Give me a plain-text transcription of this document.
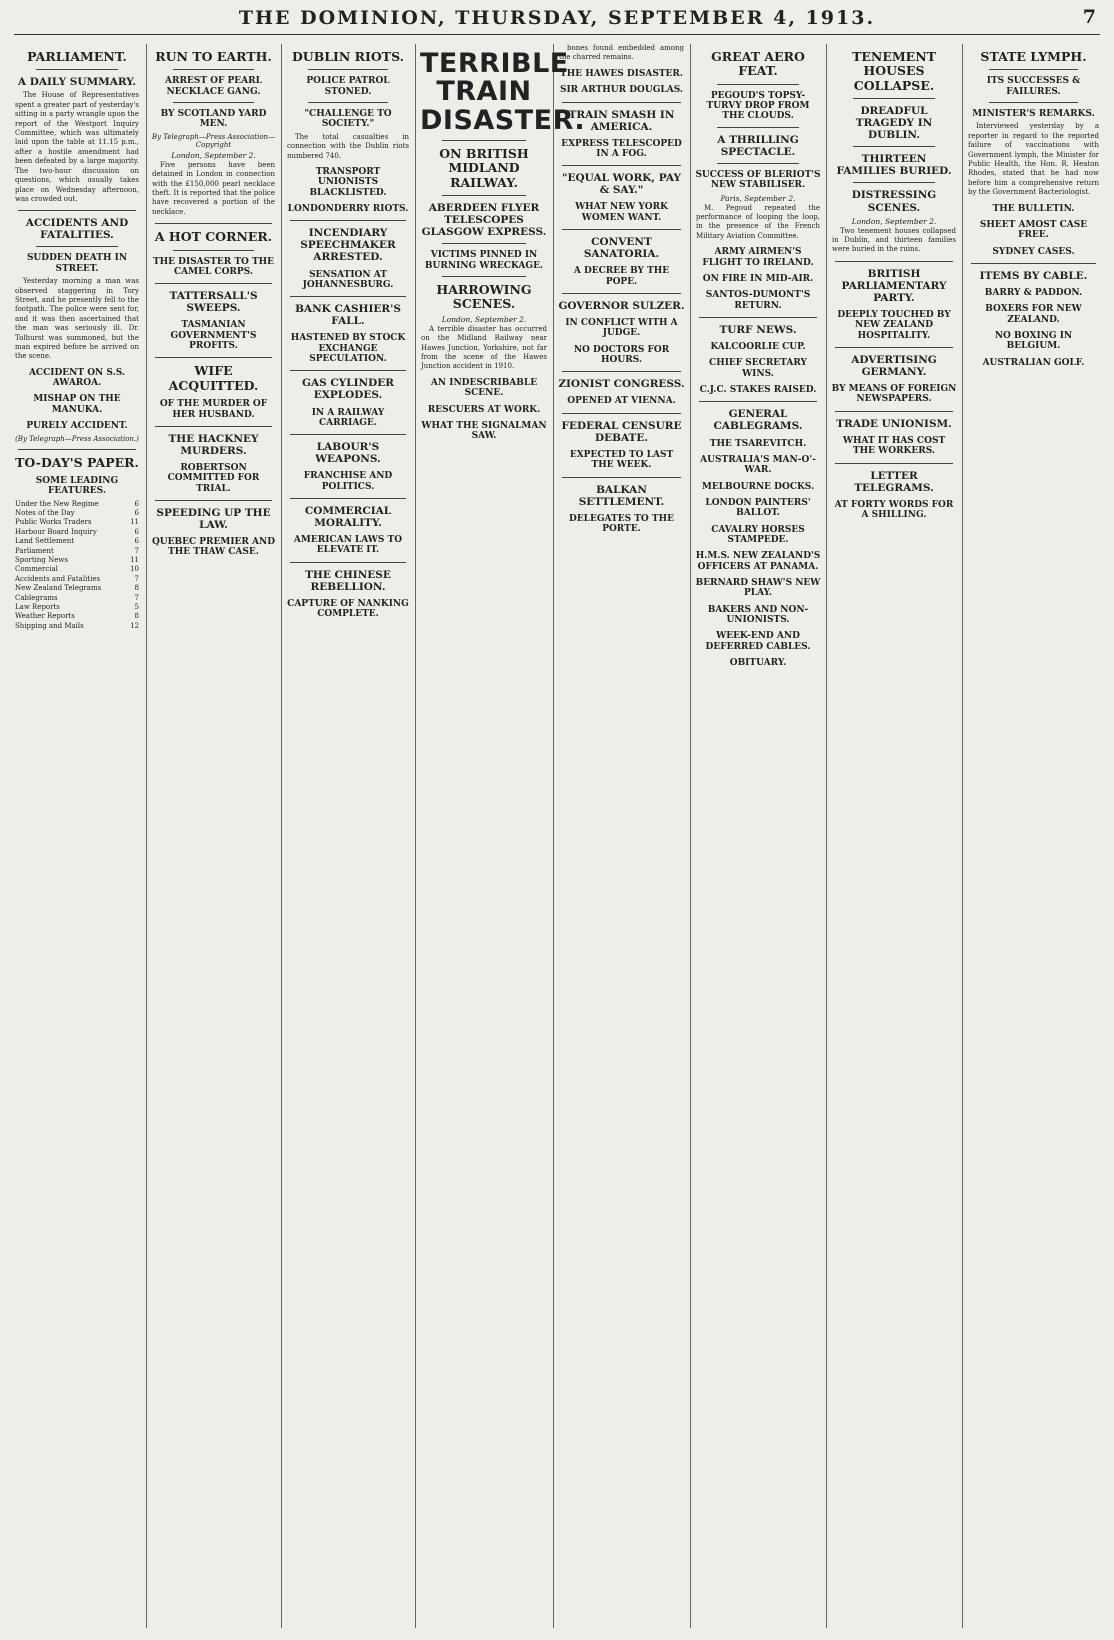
THE DOMINION, THURSDAY, SEPTEMBER 4, 1913.	7
PARLIAMENT.
A DAILY SUMMARY.

The House of Representatives spent a greater part of yesterday's sitting in a party wrangle upon the report of the Westport Inquiry Committee, which was ultimately laid upon the table at 11.15 p.m., after a hostile amendment had been defeated by a large majority. The two-hour discussion on questions, which usually takes place on Wednesday afternoon, was crowded out.

ACCIDENTS AND FATALITIES.
SUDDEN DEATH IN STREET.

Yesterday morning a man was observed staggering in Tory Street, and he presently fell to the footpath. The police were sent for, and it was then ascertained that the man was seriously ill. Dr. Tolhurst was summoned, but the man expired before he arrived on the scene.

ACCIDENT ON S.S. AWAROA.
MISHAP ON THE MANUKA.
PURELY ACCIDENT.
(By Telegraph—Press Association.)
TO-DAY'S PAPER.
SOME LEADING FEATURES.
Under the New Regime	6
Notes of the Day	6
Public Works Traders	11
Harbour Board Inquiry	6
Land Settlement	6
Parliament	7
Sporting News	11
Commercial	10
Accidents and Fatalities	7
New Zealand Telegrams	8
Cablegrams	7
Law Reports	5
Weather Reports	8
Shipping and Mails	12
RUN TO EARTH.
ARREST OF PEARL NECKLACE GANG.
BY SCOTLAND YARD MEN.
By Telegraph—Press Association—Copyright
London, September 2.

Five persons have been detained in London in connection with the £150,000 pearl necklace theft. It is reported that the police have recovered a portion of the necklace.

A HOT CORNER.
THE DISASTER TO THE CAMEL CORPS.
TATTERSALL'S SWEEPS.
TASMANIAN GOVERNMENT'S PROFITS.
WIFE ACQUITTED.
OF THE MURDER OF HER HUSBAND.
THE HACKNEY MURDERS.
ROBERTSON COMMITTED FOR TRIAL.
SPEEDING UP THE LAW.
QUEBEC PREMIER AND THE THAW CASE.
DUBLIN RIOTS.
POLICE PATROL STONED.
"CHALLENGE TO SOCIETY."

The total casualties in connection with the Dublin riots numbered 740.

TRANSPORT UNIONISTS BLACKLISTED.
LONDONDERRY RIOTS.
INCENDIARY SPEECHMAKER ARRESTED.
SENSATION AT JOHANNESBURG.
BANK CASHIER'S FALL.
HASTENED BY STOCK EXCHANGE SPECULATION.
GAS CYLINDER EXPLODES.
IN A RAILWAY CARRIAGE.
LABOUR'S WEAPONS.
FRANCHISE AND POLITICS.
COMMERCIAL MORALITY.
AMERICAN LAWS TO ELEVATE IT.
THE CHINESE REBELLION.
CAPTURE OF NANKING COMPLETE.
TERRIBLE TRAIN DISASTER.
ON BRITISH MIDLAND RAILWAY.
ABERDEEN FLYER TELESCOPES GLASGOW EXPRESS.
VICTIMS PINNED IN BURNING WRECKAGE.
HARROWING SCENES.
London, September 2.

A terrible disaster has occurred on the Midland Railway near Hawes Junction, Yorkshire, not far from the scene of the Hawes Junction accident in 1910.

AN INDESCRIBABLE SCENE.
RESCUERS AT WORK.
WHAT THE SIGNALMAN SAW.

bones found embedded among the charred remains.

THE HAWES DISASTER.
SIR ARTHUR DOUGLAS.
TRAIN SMASH IN AMERICA.
EXPRESS TELESCOPED IN A FOG.
"EQUAL WORK, PAY & SAY."
WHAT NEW YORK WOMEN WANT.
CONVENT SANATORIA.
A DECREE BY THE POPE.
GOVERNOR SULZER.
IN CONFLICT WITH A JUDGE.
NO DOCTORS FOR HOURS.
ZIONIST CONGRESS.
OPENED AT VIENNA.
FEDERAL CENSURE DEBATE.
EXPECTED TO LAST THE WEEK.
BALKAN SETTLEMENT.
DELEGATES TO THE PORTE.
GREAT AERO FEAT.
PEGOUD'S TOPSY-TURVY DROP FROM THE CLOUDS.
A THRILLING SPECTACLE.
SUCCESS OF BLERIOT'S NEW STABILISER.
Paris, September 2.

M. Pegoud repeated the performance of looping the loop, in the presence of the French Military Aviation Committee.

ARMY AIRMEN'S FLIGHT TO IRELAND.
ON FIRE IN MID-AIR.
SANTOS-DUMONT'S RETURN.
TURF NEWS.
KALCOORLIE CUP.
CHIEF SECRETARY WINS.
C.J.C. STAKES RAISED.
GENERAL CABLEGRAMS.
THE TSAREVITCH.
AUSTRALIA'S MAN-O'-WAR.
MELBOURNE DOCKS.
LONDON PAINTERS' BALLOT.
CAVALRY HORSES STAMPEDE.
H.M.S. NEW ZEALAND'S OFFICERS AT PANAMA.
BERNARD SHAW'S NEW PLAY.
BAKERS AND NON-UNIONISTS.
WEEK-END AND DEFERRED CABLES.
OBITUARY.
TENEMENT HOUSES COLLAPSE.
DREADFUL TRAGEDY IN DUBLIN.
THIRTEEN FAMILIES BURIED.
DISTRESSING SCENES.
London, September 2.

Two tenement houses collapsed in Dublin, and thirteen families were buried in the ruins.

BRITISH PARLIAMENTARY PARTY.
DEEPLY TOUCHED BY NEW ZEALAND HOSPITALITY.
ADVERTISING GERMANY.
BY MEANS OF FOREIGN NEWSPAPERS.
TRADE UNIONISM.
WHAT IT HAS COST THE WORKERS.
LETTER TELEGRAMS.
AT FORTY WORDS FOR A SHILLING.
STATE LYMPH.
ITS SUCCESSES & FAILURES.
MINISTER'S REMARKS.

Interviewed yesterday by a reporter in regard to the reported failure of vaccinations with Government lymph, the Minister for Public Health, the Hon. R. Heaton Rhodes, stated that he had now before him a comprehensive return by the Government Bacteriologist.

THE BULLETIN.
SHEET AMOST CASE FREE.
SYDNEY CASES.
ITEMS BY CABLE.
BARRY & PADDON.
BOXERS FOR NEW ZEALAND.
NO BOXING IN BELGIUM.
AUSTRALIAN GOLF.
